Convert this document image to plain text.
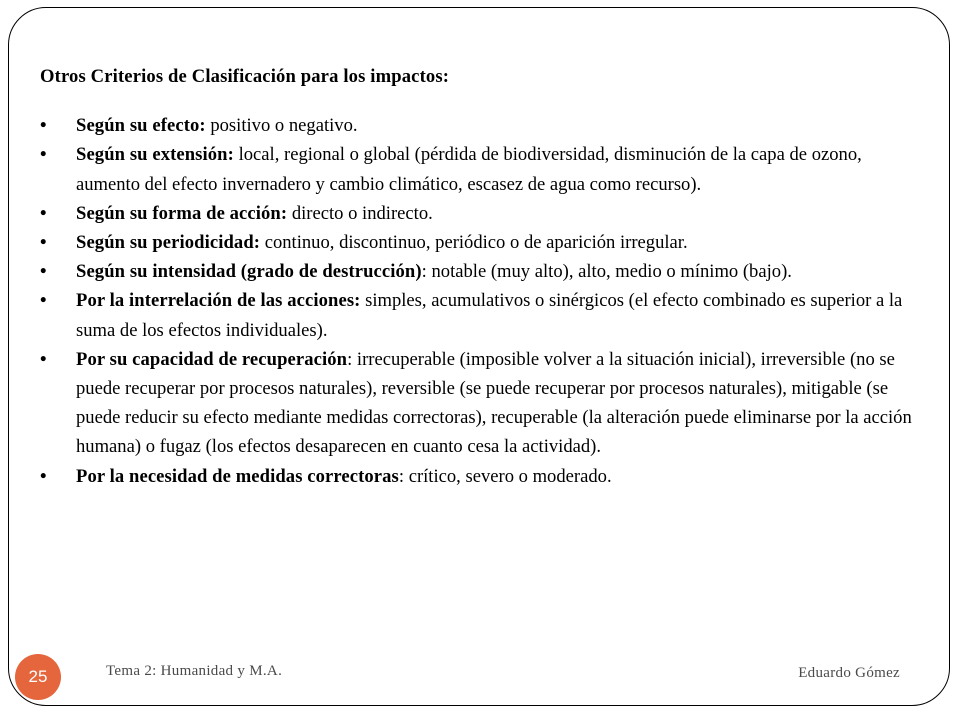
Otros Criterios de Clasificación para los impactos:

• Según su efecto: positivo o negativo.
• Según su extensión: local, regional o global (pérdida de biodiversidad, disminución de la capa de ozono, aumento del efecto invernadero y cambio climático, escasez de agua como recurso).
• Según su forma de acción: directo o indirecto.
• Según su periodicidad: continuo, discontinuo, periódico o de aparición irregular.
• Según su intensidad (grado de destrucción): notable (muy alto), alto, medio o mínimo (bajo).
• Por la interrelación de las acciones: simples, acumulativos o sinérgicos (el efecto combinado es superior a la suma de los efectos individuales).
• Por su capacidad de recuperación: irrecuperable (imposible volver a la situación inicial), irreversible (no se puede recuperar por procesos naturales), reversible (se puede recuperar por procesos naturales), mitigable (se puede reducir su efecto mediante medidas correctoras), recuperable (la alteración puede eliminarse por la acción humana) o fugaz (los efectos desaparecen en cuanto cesa la actividad).
• Por la necesidad de medidas correctoras: crítico, severo o moderado.
25	Tema 2: Humanidad y M.A.	Eduardo Gómez
